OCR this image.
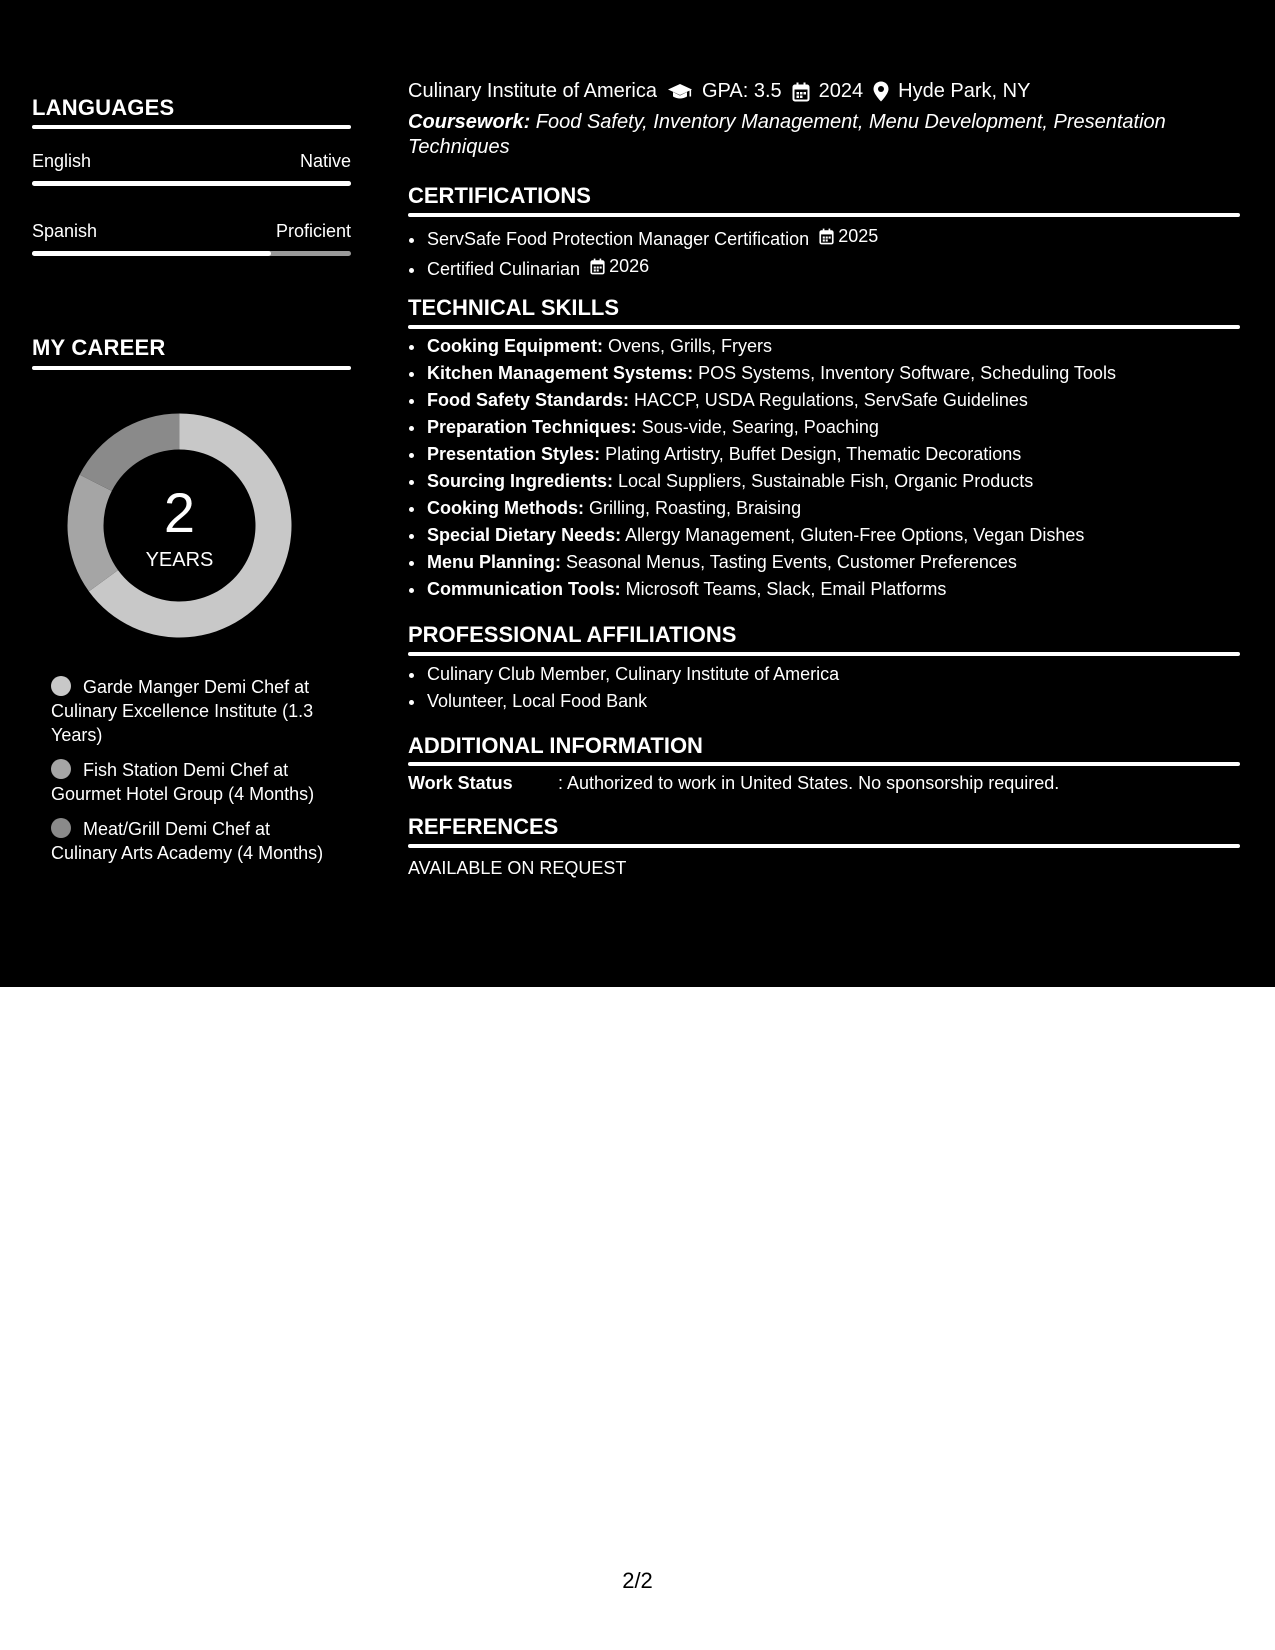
LANGUAGES
English	Native
Spanish	Proficient
MY CAREER
2
YEARS
Garde Manger Demi Chef at Culinary Excellence Institute (1.3 Years)
Fish Station Demi Chef at Gourmet Hotel Group (4 Months)
Meat/Grill Demi Chef at Culinary Arts Academy (4 Months)
Culinary Institute of America GPA: 3.5 2024 Hyde Park, NY
Coursework: Food Safety, Inventory Management, Menu Development, Presentation Techniques
CERTIFICATIONS
• ServSafe Food Protection Manager Certification 2025
• Certified Culinarian 2026
TECHNICAL SKILLS
• Cooking Equipment: Ovens, Grills, Fryers
• Kitchen Management Systems: POS Systems, Inventory Software, Scheduling Tools
• Food Safety Standards: HACCP, USDA Regulations, ServSafe Guidelines
• Preparation Techniques: Sous-vide, Searing, Poaching
• Presentation Styles: Plating Artistry, Buffet Design, Thematic Decorations
• Sourcing Ingredients: Local Suppliers, Sustainable Fish, Organic Products
• Cooking Methods: Grilling, Roasting, Braising
• Special Dietary Needs: Allergy Management, Gluten-Free Options, Vegan Dishes
• Menu Planning: Seasonal Menus, Tasting Events, Customer Preferences
• Communication Tools: Microsoft Teams, Slack, Email Platforms
PROFESSIONAL AFFILIATIONS
• Culinary Club Member, Culinary Institute of America
• Volunteer, Local Food Bank
ADDITIONAL INFORMATION
Work Status	: Authorized to work in United States. No sponsorship required.
REFERENCES
AVAILABLE ON REQUEST
2/2
